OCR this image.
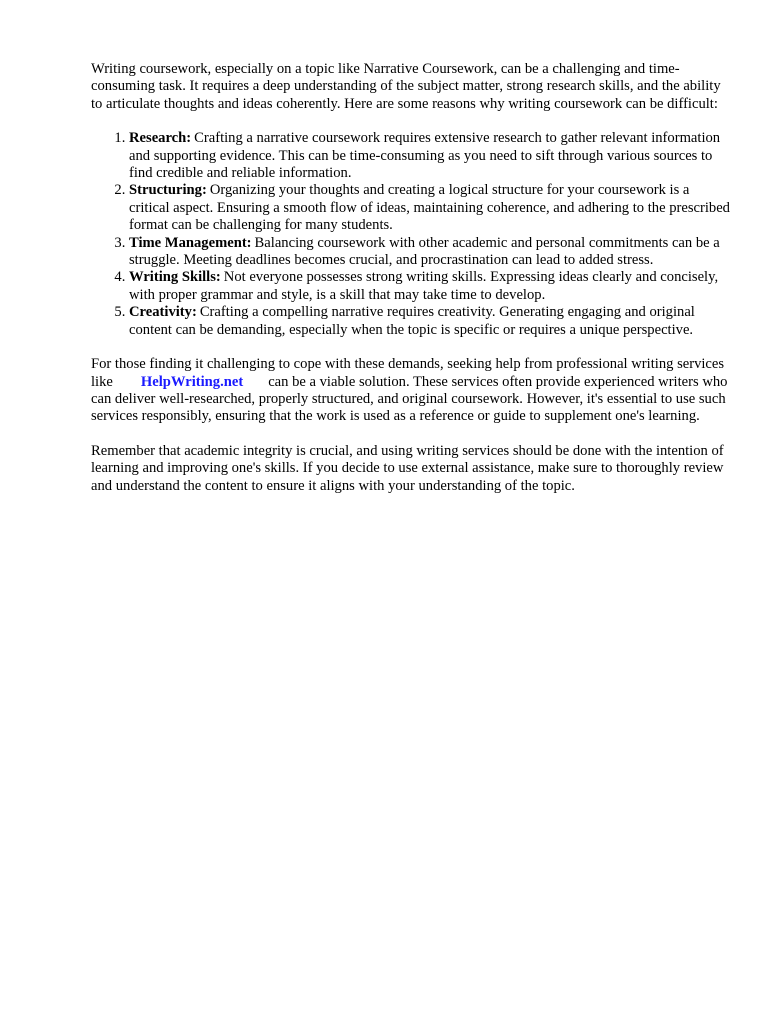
Writing coursework, especially on a topic like Narrative Coursework, can be a challenging and time-consuming task. It requires a deep understanding of the subject matter, strong research skills, and the ability to articulate thoughts and ideas coherently. Here are some reasons why writing coursework can be difficult:

1. Research: Crafting a narrative coursework requires extensive research to gather relevant information and supporting evidence. This can be time-consuming as you need to sift through various sources to find credible and reliable information.
2. Structuring: Organizing your thoughts and creating a logical structure for your coursework is a critical aspect. Ensuring a smooth flow of ideas, maintaining coherence, and adhering to the prescribed format can be challenging for many students.
3. Time Management: Balancing coursework with other academic and personal commitments can be a struggle. Meeting deadlines becomes crucial, and procrastination can lead to added stress.
4. Writing Skills: Not everyone possesses strong writing skills. Expressing ideas clearly and concisely, with proper grammar and style, is a skill that may take time to develop.
5. Creativity: Crafting a compelling narrative requires creativity. Generating engaging and original content can be demanding, especially when the topic is specific or requires a unique perspective.

For those finding it challenging to cope with these demands, seeking help from professional writing services like HelpWriting.net can be a viable solution. These services often provide experienced writers who can deliver well-researched, properly structured, and original coursework. However, it's essential to use such services responsibly, ensuring that the work is used as a reference or guide to supplement one's learning.

Remember that academic integrity is crucial, and using writing services should be done with the intention of learning and improving one's skills. If you decide to use external assistance, make sure to thoroughly review and understand the content to ensure it aligns with your understanding of the topic.
